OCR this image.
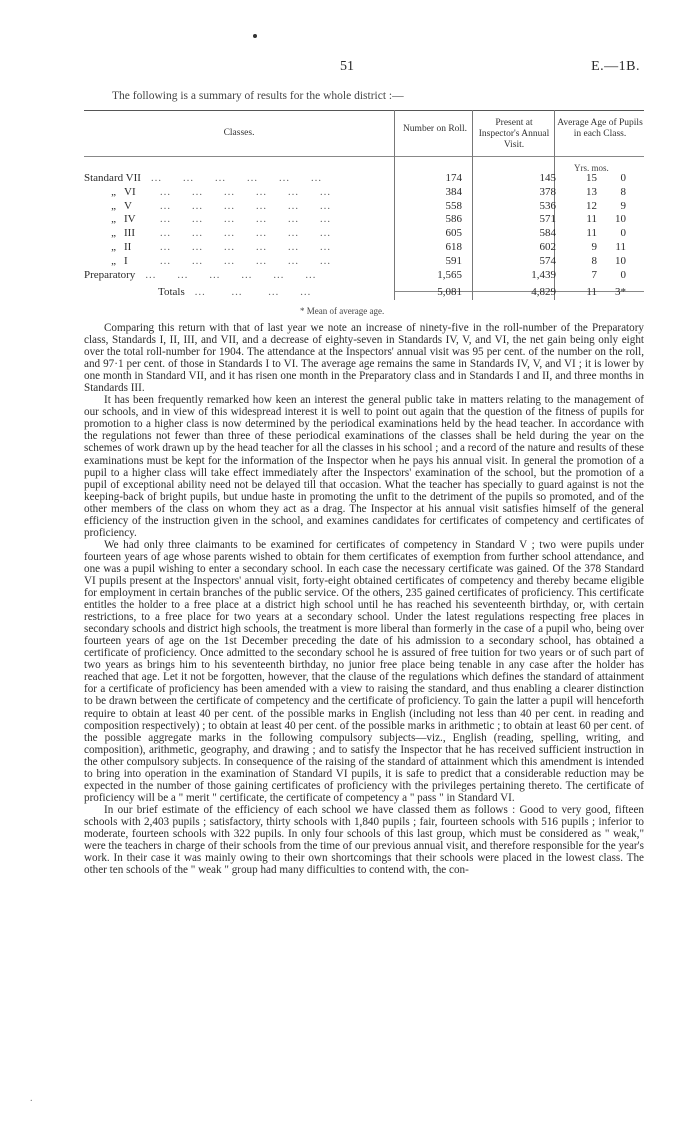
51	E.—1B.
The following is a summary of results for the whole district :—
Classes.	Number on Roll.
Present at Inspector's Annual Visit.
Average Age of Pupils in each Class.
Yrs. mos.
Standard VII  …    …    …    …    …    …	174	145	15	0
„ VI  …    …    …    …    …    …	384	378	13	8
„ V  …    …    …    …    …    …	558	536	12	9
„ IV  …    …    …    …    …    …	586	571	11	10
„ III  …    …    …    …    …    …	605	584	11	0
„ II  …    …    …    …    …    …	618	602	9	11
„ I  …    …    …    …    …    …	591	574	8	10
Preparatory  …    …    …    …    …    …	1,565	1,439	7	0
Totals  …     …     …    …	5,081	4,829	11	3*
* Mean of average age.

Comparing this return with that of last year we note an increase of ninety-five in the roll-number of the Preparatory class, Standards I, II, III, and VII, and a decrease of eighty-seven in Standards IV, V, and VI, the net gain being only eight over the total roll-number for 1904. The attendance at the Inspectors' annual visit was 95 per cent. of the number on the roll, and 97·1 per cent. of those in Standards I to VI. The average age remains the same in Standards IV, V, and VI ; it is lower by one month in Standard VII, and it has risen one month in the Preparatory class and in Standards I and II, and three months in Standards III.

It has been frequently remarked how keen an interest the general public take in matters relating to the management of our schools, and in view of this widespread interest it is well to point out again that the question of the fitness of pupils for promotion to a higher class is now determined by the periodical examinations held by the head teacher. In accordance with the regulations not fewer than three of these periodical examinations of the classes shall be held during the year on the schemes of work drawn up by the head teacher for all the classes in his school ; and a record of the nature and results of these examinations must be kept for the information of the Inspector when he pays his annual visit. In general the promotion of a pupil to a higher class will take effect immediately after the Inspectors' examination of the school, but the promotion of a pupil of exceptional ability need not be delayed till that occasion. What the teacher has specially to guard against is not the keeping-back of bright pupils, but undue haste in promoting the unfit to the detriment of the pupils so promoted, and of the other members of the class on whom they act as a drag. The Inspector at his annual visit satisfies himself of the general efficiency of the instruction given in the school, and examines candidates for certificates of competency and certificates of proficiency.

We had only three claimants to be examined for certificates of competency in Standard V ; two were pupils under fourteen years of age whose parents wished to obtain for them certificates of exemption from further school attendance, and one was a pupil wishing to enter a secondary school. In each case the necessary certificate was gained. Of the 378 Standard VI pupils present at the Inspectors' annual visit, forty-eight obtained certificates of competency and thereby became eligible for employment in certain branches of the public service. Of the others, 235 gained certificates of proficiency. This certificate entitles the holder to a free place at a district high school until he has reached his seventeenth birthday, or, with certain restrictions, to a free place for two years at a secondary school. Under the latest regulations respecting free places in secondary schools and district high schools, the treatment is more liberal than formerly in the case of a pupil who, being over fourteen years of age on the 1st December preceding the date of his admission to a secondary school, has obtained a certificate of proficiency. Once admitted to the secondary school he is assured of free tuition for two years or of such part of two years as brings him to his seventeenth birthday, no junior free place being tenable in any case after the holder has reached that age. Let it not be forgotten, however, that the clause of the regulations which defines the standard of attainment for a certificate of proficiency has been amended with a view to raising the standard, and thus enabling a clearer distinction to be drawn between the certificate of competency and the certificate of proficiency. To gain the latter a pupil will henceforth require to obtain at least 40 per cent. of the possible marks in English (including not less than 40 per cent. in reading and composition respectively) ; to obtain at least 40 per cent. of the possible marks in arithmetic ; to obtain at least 60 per cent. of the possible aggregate marks in the following compulsory subjects—viz., English (reading, spelling, writing, and composition), arithmetic, geography, and drawing ; and to satisfy the Inspector that he has received sufficient instruction in the other compulsory subjects. In consequence of the raising of the standard of attainment which this amendment is intended to bring into operation in the examination of Standard VI pupils, it is safe to predict that a considerable reduction may be expected in the number of those gaining certificates of proficiency with the privileges pertaining thereto. The certificate of proficiency will be a " merit " certificate, the certificate of competency a " pass " in Standard VI.

In our brief estimate of the efficiency of each school we have classed them as follows : Good to very good, fifteen schools with 2,403 pupils ; satisfactory, thirty schools with 1,840 pupils ; fair, fourteen schools with 516 pupils ; inferior to moderate, fourteen schools with 322 pupils. In only four schools of this last group, which must be considered as " weak," were the teachers in charge of their schools from the time of our previous annual visit, and therefore responsible for the year's work. In their case it was mainly owing to their own shortcomings that their schools were placed in the lowest class. The other ten schools of the " weak " group had many difficulties to contend with, the con-

.
